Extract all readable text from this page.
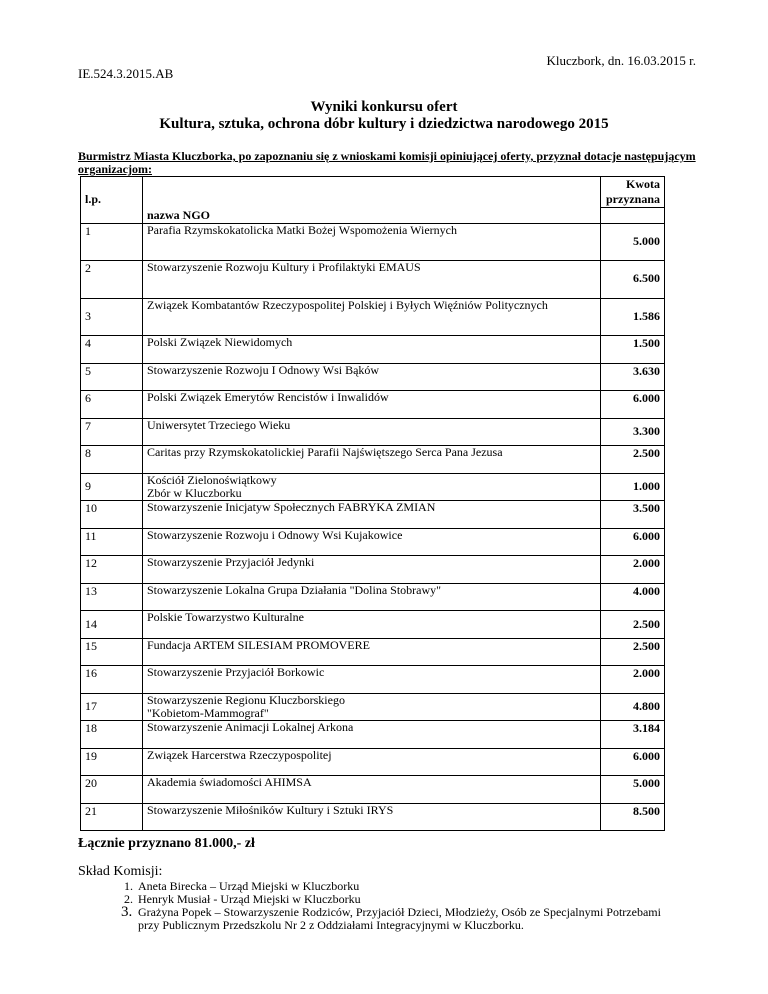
Kluczbork, dn. 16.03.2015 r.
IE.524.3.2015.AB
Wyniki konkursu ofert
Kultura, sztuka, ochrona dóbr kultury i dziedzictwa narodowego 2015
Burmistrz Miasta Kluczborka, po zapoznaniu się z wnioskami komisji opiniującej oferty, przyznał dotacje następującym organizacjom:
l.p.		Kwota przyznana
	nazwa NGO	
1	Parafia Rzymskokatolicka Matki Bożej Wspomożenia Wiernych	5.000
2	Stowarzyszenie Rozwoju Kultury i Profilaktyki EMAUS	6.500
3	Związek Kombatantów Rzeczypospolitej Polskiej i Byłych Więźniów Politycznych	1.586
4	Polski Związek Niewidomych	1.500
5	Stowarzyszenie Rozwoju I Odnowy Wsi Bąków	3.630
6	Polski Związek Emerytów Rencistów i Inwalidów	6.000
7	Uniwersytet Trzeciego Wieku	3.300
8	Caritas przy Rzymskokatolickiej Parafii Najświętszego Serca Pana Jezusa	2.500
9	Kościół Zielonoświątkowy
Zbór w Kluczborku	1.000
10	Stowarzyszenie Inicjatyw Społecznych FABRYKA ZMIAN	3.500
11	Stowarzyszenie Rozwoju i Odnowy Wsi Kujakowice	6.000
12	Stowarzyszenie Przyjaciół Jedynki	2.000
13	Stowarzyszenie Lokalna Grupa Działania "Dolina Stobrawy"	4.000
14	Polskie Towarzystwo Kulturalne	2.500
15	Fundacja ARTEM SILESIAM PROMOVERE	2.500
16	Stowarzyszenie Przyjaciół Borkowic	2.000
17	Stowarzyszenie Regionu Kluczborskiego
"Kobietom-Mammograf"	4.800
18	Stowarzyszenie Animacji Lokalnej Arkona	3.184
19	Związek Harcerstwa Rzeczypospolitej	6.000
20	Akademia świadomości AHIMSA	5.000
21	Stowarzyszenie Miłośników Kultury i Sztuki IRYS	8.500
Łącznie przyznano 81.000,- zł
Skład Komisji:
1. Aneta Birecka – Urząd Miejski w Kluczborku
2. Henryk Musiał - Urząd Miejski w Kluczborku
3. Grażyna Popek – Stowarzyszenie Rodziców, Przyjaciół Dzieci, Młodzieży, Osób ze Specjalnymi Potrzebami przy Publicznym Przedszkolu Nr 2 z Oddziałami Integracyjnymi w Kluczborku.
